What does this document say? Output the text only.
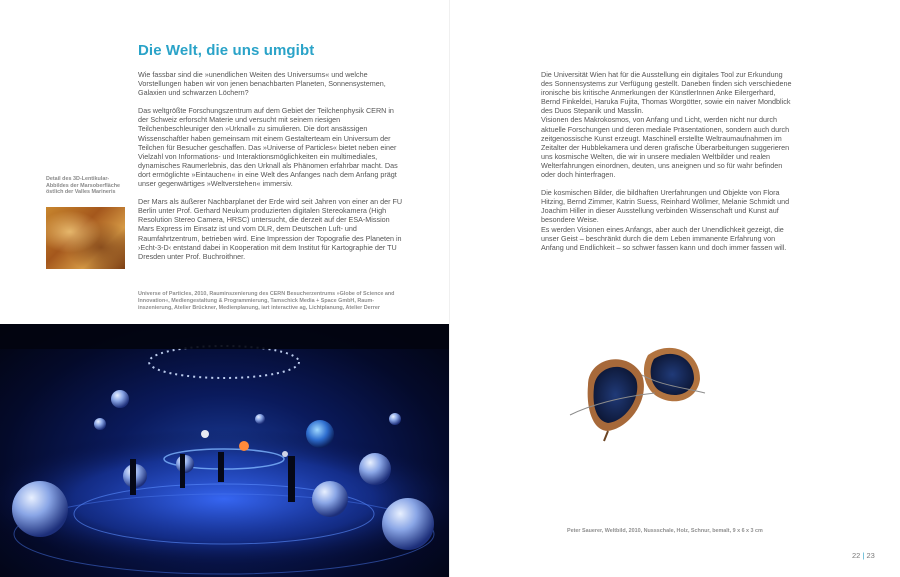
Die Welt, die uns umgibt

Wie fassbar sind die »unendlichen Weiten des Universums« und welche Vorstellungen haben wir von jenen benachbarten Planeten, Sonnensystemen, Galaxien und schwarzen Löchern?

Das weltgrößte Forschungszentrum auf dem Gebiet der Teilchenphysik CERN in der Schweiz erforscht Materie und versucht mit seinem riesigen Teilchenbeschleuniger den »Urknall« zu simulieren. Die dort ansässigen Wissenschaftler haben gemeinsam mit einem Gestalterteam ein Universum der Teilchen für Besucher geschaffen. Das »Universe of Particles« bietet neben einer Vielzahl von Informations- und Interaktionsmöglichkeiten ein multimediales, dynamisches Raumerlebnis, das den Urknall als Phänomen erfahrbar macht. Das dort ermöglichte »Eintauchen« in eine Welt des Anfanges nach dem Anfang prägt unser gegenwärtiges »Weltverstehen« immersiv.

Der Mars als äußerer Nachbarplanet der Erde wird seit Jahren von einer an der FU Berlin unter Prof. Gerhard Neukum produzierten digitalen Stereokamera (High Resolution Stereo Camera, HRSC) untersucht, die derzeit auf der ESA-Mission Mars Express im Einsatz ist und vom DLR, dem Deutschen Luft- und Raumfahrtzentrum, betrieben wird. Eine Impression der Topografie des Planeten in ›Echt-3-D‹ entstand dabei in Kooperation mit dem Institut für Kartographie der TU Dresden unter Prof. Buchroithner.

Detail des 3D-Lentikular-Abbildes der Marsoberfläche östlich der Valles Marineris
Universe of Particles, 2010, Rauminszenierung des CERN Besucherzentrums »Globe of Science and Innovation«, Mediengestaltung & Programmierung, Tamschick Media + Space GmbH, Raum-inszenierung, Atelier Brückner, Medienplanung, iart interactive ag, Lichtplanung, Atelier Derrer

Die Universität Wien hat für die Ausstellung ein digitales Tool zur Erkundung des Sonnensystems zur Verfügung gestellt. Daneben finden sich verschiedene ironische bis kritische Anmerkungen der KünstlerInnen Anke Eilergerhard, Bernd Finkeldei, Haruka Fujita, Thomas Worgötter, sowie ein naiver Mondblick des Duos Stepanik und Masslin.
Visionen des Makrokosmos, von Anfang und Licht, werden nicht nur durch aktuelle Forschungen und deren mediale Präsentationen, sondern auch durch zeitgenossische Kunst erzeugt. Maschinell erstellte Weltraumaufnahmen im Zeitalter der Hubblekamera und deren grafische Überarbeitungen suggerieren uns kosmische Welten, die wir in unsere medialen Weltbilder und realen Welterfahrungen einordnen, deuten, uns aneignen und so für wahr befinden oder doch hinterfragen.

Die kosmischen Bilder, die bildhaften Urerfahrungen und Objekte von Flora Hitzing, Bernd Zimmer, Katrin Suess, Reinhard Wöllmer, Melanie Schmidt und Joachim Hiller in dieser Ausstellung verbinden Wissenschaft und Kunst auf besondere Weise.
Es werden Visionen eines Anfangs, aber auch der Unendlichkeit gezeigt, die unser Geist – beschränkt durch die dem Leben immanente Erfahrung von Anfang und Endlichkeit – so schwer fassen kann und doch immer fassen will.

Peter Sauerer, Weltbild, 2010, Nussschale, Holz, Schnur, bemalt, 9 x 6 x 3 cm
22 | 23
